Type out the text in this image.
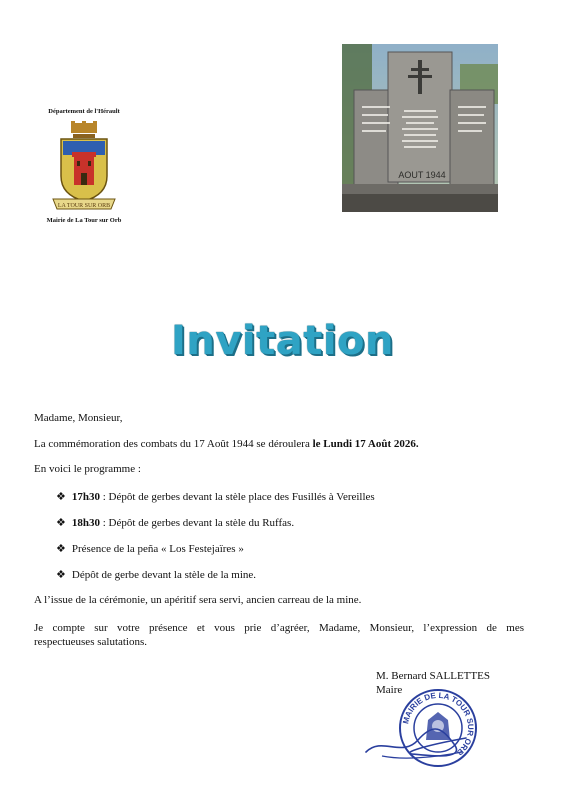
Département de l'Hérault
LA TOUR SUR ORB
Mairie de La Tour sur Orb
AOUT 1944
Invitation
Madame, Monsieur,
La commémoration des combats du 17 Août 1944 se déroulera le Lundi 17 Août 2026.
En voici le programme :
❖ 17h30 : Dépôt de gerbes devant la stèle place des Fusillés à Vereilles
❖ 18h30 : Dépôt de gerbes devant la stèle du Ruffas.
❖ Présence de la peña « Los Festejaïres »
❖ Dépôt de gerbe devant la stèle de la mine.
A l’issue de la cérémonie, un apéritif sera servi, ancien carreau de la mine.
Je compte sur votre présence et vous prie d’agréer, Madame, Monsieur, l’expression de mes
respectueuses salutations.
M. Bernard SALLETTES
Maire
MAIRIE DE LA TOUR SUR ORB
